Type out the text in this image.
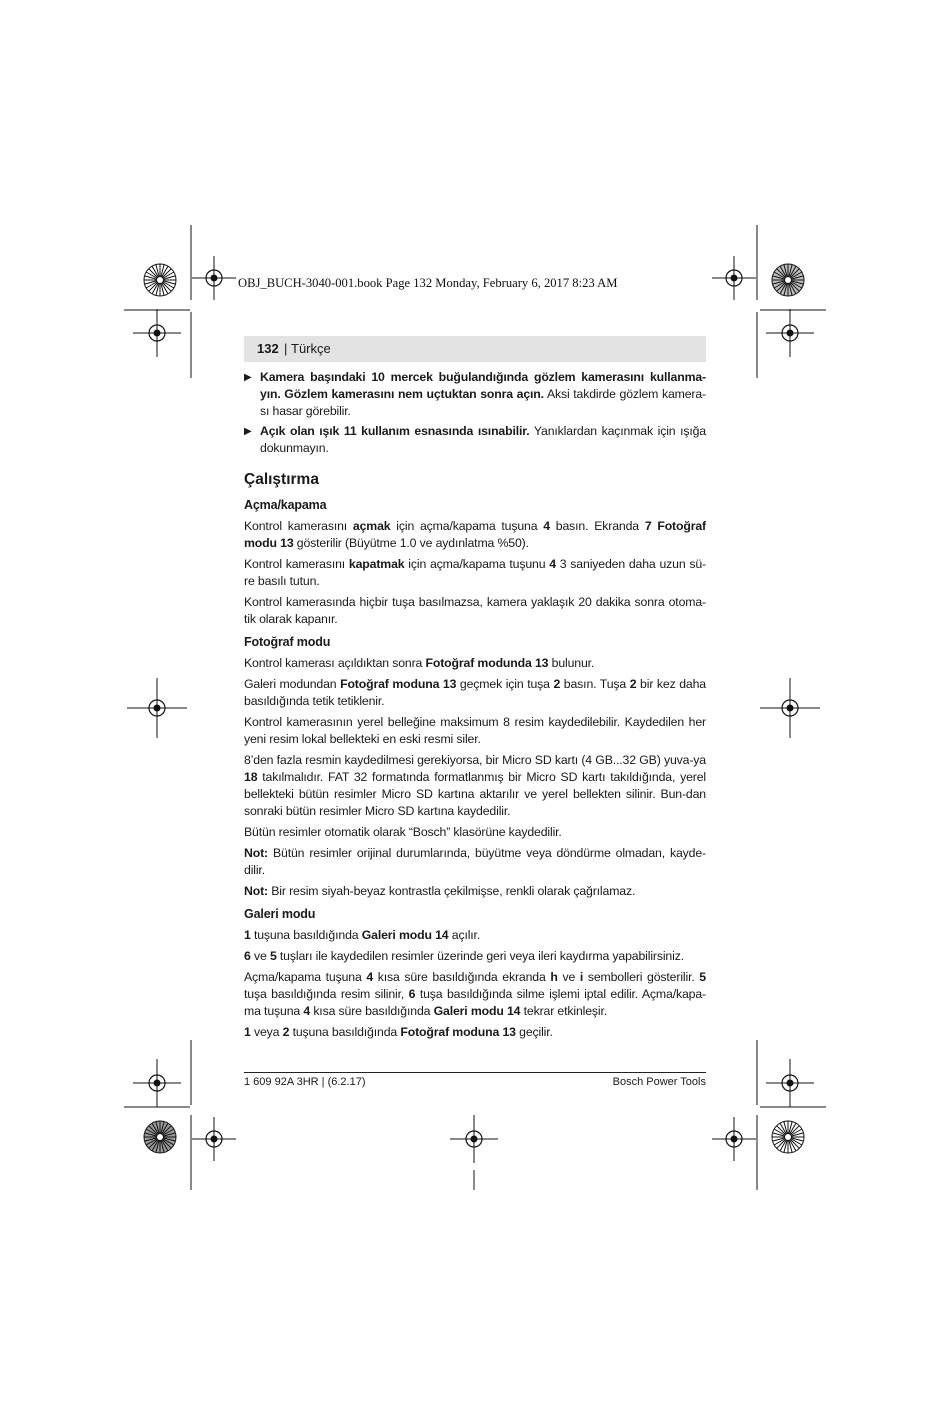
OBJ_BUCH-3040-001.book Page 132 Monday, February 6, 2017 8:23 AM
132 | Türkçe
▶ Kamera başındaki 10 mercek buğulandığında gözlem kamerasını kullanma-yın. Gözlem kamerasını nem uçtuktan sonra açın. Aksi takdirde gözlem kamera-sı hasar görebilir.
▶ Açık olan ışık 11 kullanım esnasında ısınabilir. Yanıklardan kaçınmak için ışığa dokunmayın.
Çalıştırma
Açma/kapama

Kontrol kamerasını açmak için açma/kapama tuşuna 4 basın. Ekranda 7 Fotoğraf modu 13 gösterilir (Büyütme 1.0 ve aydınlatma %50).

Kontrol kamerasını kapatmak için açma/kapama tuşunu 4 3 saniyeden daha uzun sü-re basılı tutun.

Kontrol kamerasında hiçbir tuşa basılmazsa, kamera yaklaşık 20 dakika sonra otoma-tik olarak kapanır.

Fotoğraf modu

Kontrol kamerası açıldıktan sonra Fotoğraf modunda 13 bulunur.

Galeri modundan Fotoğraf moduna 13 geçmek için tuşa 2 basın. Tuşa 2 bir kez daha basıldığında tetik tetiklenir.

Kontrol kamerasının yerel belleğine maksimum 8 resim kaydedilebilir. Kaydedilen her yeni resim lokal bellekteki en eski resmi siler.

8’den fazla resmin kaydedilmesi gerekiyorsa, bir Micro SD kartı (4 GB...32 GB) yuva-ya 18 takılmalıdır. FAT 32 formatında formatlanmış bir Micro SD kartı takıldığında, yerel bellekteki bütün resimler Micro SD kartına aktarılır ve yerel bellekten silinir. Bun-dan sonraki bütün resimler Micro SD kartına kaydedilir.

Bütün resimler otomatik olarak “Bosch” klasörüne kaydedilir.

Not: Bütün resimler orijinal durumlarında, büyütme veya döndürme olmadan, kayde-dilir.

Not: Bir resim siyah-beyaz kontrastla çekilmişse, renkli olarak çağrılamaz.

Galeri modu

1 tuşuna basıldığında Galeri modu 14 açılır.

6 ve 5 tuşları ile kaydedilen resimler üzerinde geri veya ileri kaydırma yapabilirsiniz.

Açma/kapama tuşuna 4 kısa süre basıldığında ekranda h ve i sembolleri gösterilir. 5 tuşa basıldığında resim silinir, 6 tuşa basıldığında silme işlemi iptal edilir. Açma/kapa-ma tuşuna 4 kısa süre basıldığında Galeri modu 14 tekrar etkinleşir.

1 veya 2 tuşuna basıldığında Fotoğraf moduna 13 geçilir.

1 609 92A 3HR | (6.2.17)	Bosch Power Tools
